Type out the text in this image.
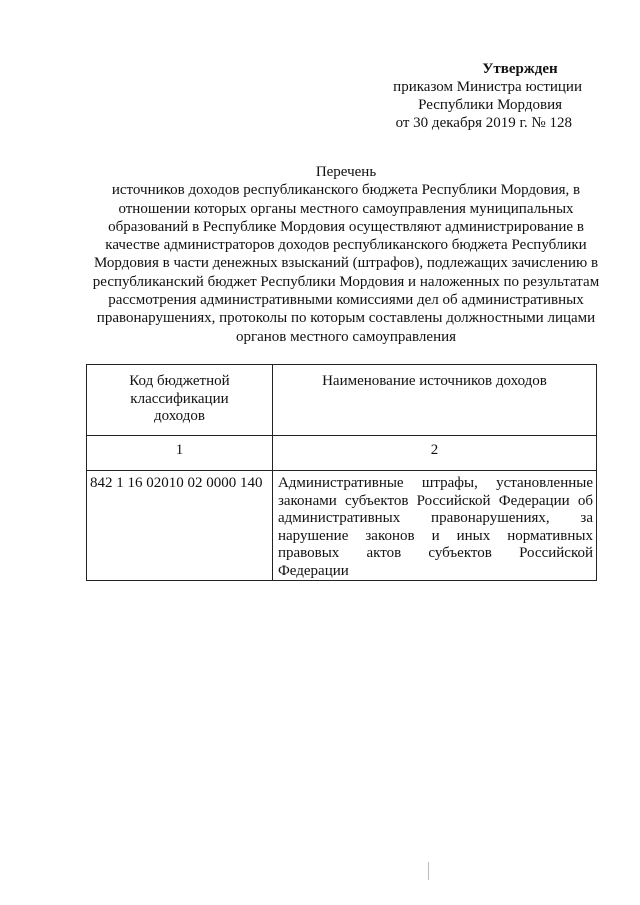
Утвержден
приказом Министра юстиции
Республики Мордовия
от 30 декабря 2019 г. № 128
Перечень
источников доходов республиканского бюджета Республики Мордовия, в отношении которых органы местного самоуправления муниципальных образований в Республике Мордовия осуществляют администрирование в качестве администраторов доходов республиканского бюджета Республики Мордовия в части денежных взысканий (штрафов), подлежащих зачислению в республиканский бюджет Республики Мордовия и наложенных по результатам рассмотрения административными комиссиями дел об административных правонарушениях, протоколы по которым составлены должностными лицами органов местного самоуправления
Код бюджетной классификации доходов	Наименование источников доходов
1	2
842 1 16 02010 02 0000 140	Административные штрафы, установленные законами субъектов Российской Федерации об административных правонарушениях, за нарушение законов и иных нормативных правовых актов субъектов Российской Федерации
